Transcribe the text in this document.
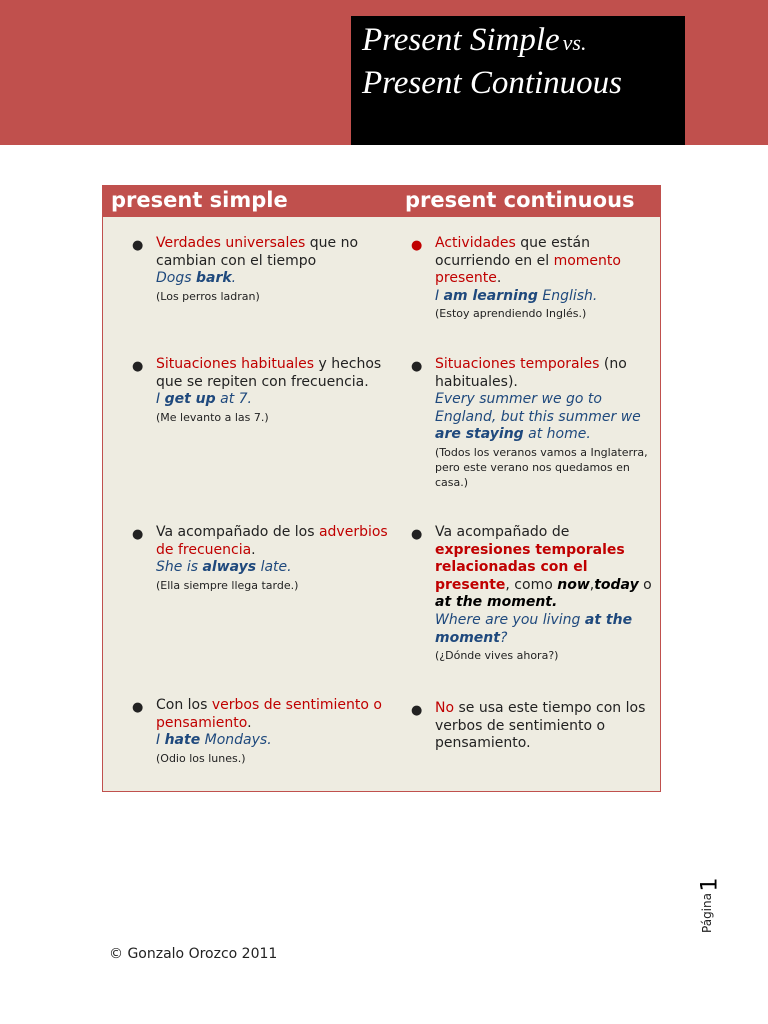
Present Simple vs.
Present Continuous
present simple	present continuous
● Verdades universales que no cambian con el tiempo
Dogs bark.
(Los perros ladran)
● Actividades que están ocurriendo en el momento presente.
I am learning English.
(Estoy aprendiendo Inglés.)
● Situaciones habituales y hechos que se repiten con frecuencia.
I get up at 7.
(Me levanto a las 7.)
● Situaciones temporales (no habituales).
Every summer we go to England, but this summer we are staying at home.
(Todos los veranos vamos a Inglaterra, pero este verano nos quedamos en casa.)
● Va acompañado de los adverbios de frecuencia.
She is always late.
(Ella siempre llega tarde.)
● Va acompañado de expresiones temporales relacionadas con el presente, como now,today o at the moment.
Where are you living at the moment?
(¿Dónde vives ahora?)
● Con los verbos de sentimiento o pensamiento.
I hate Mondays.
(Odio los lunes.)
● No se usa este tiempo con los verbos de sentimiento o pensamiento.
© Gonzalo Orozco 2011
1
Página
